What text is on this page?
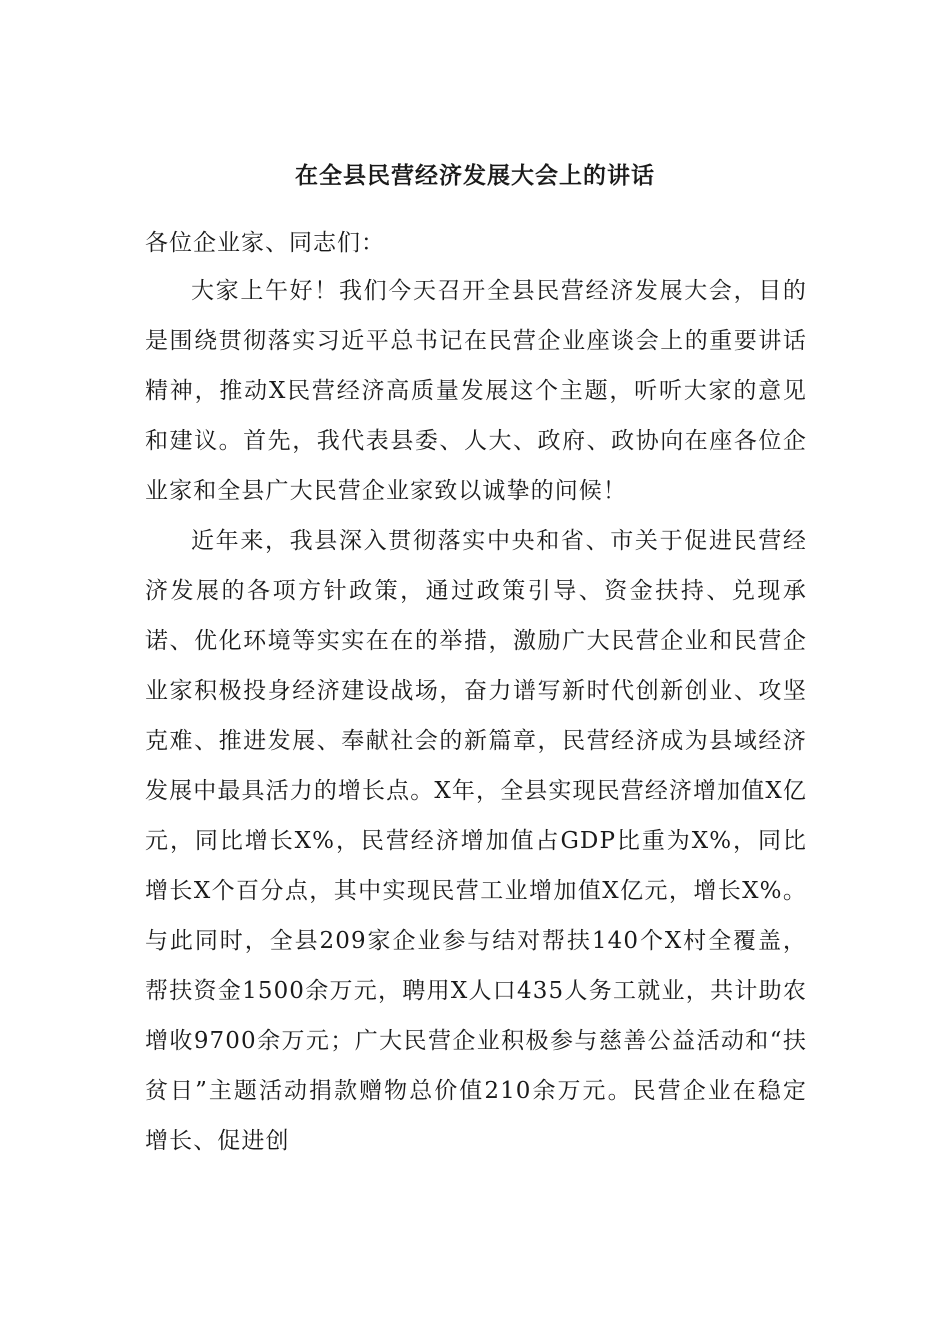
在全县民营经济发展大会上的讲话
各位企业家、同志们：

大家上午好！我们今天召开全县民营经济发展大会，目的是围绕贯彻落实习近平总书记在民营企业座谈会上的重要讲话精神，推动X民营经济高质量发展这个主题，听听大家的意见和建议。首先，我代表县委、人大、政府、政协向在座各位企业家和全县广大民营企业家致以诚挚的问候！

近年来，我县深入贯彻落实中央和省、市关于促进民营经济发展的各项方针政策，通过政策引导、资金扶持、兑现承诺、优化环境等实实在在的举措，激励广大民营企业和民营企业家积极投身经济建设战场，奋力谱写新时代创新创业、攻坚克难、推进发展、奉献社会的新篇章，民营经济成为县域经济发展中最具活力的增长点。X年，全县实现民营经济增加值X亿元，同比增长X%，民营经济增加值占GDP比重为X%，同比增长X个百分点，其中实现民营工业增加值X亿元，增长X%。与此同时，全县209家企业参与结对帮扶140个X村全覆盖，帮扶资金1500余万元，聘用X人口435人务工就业，共计助农增收9700余万元；广大民营企业积极参与慈善公益活动和“扶贫日”主题活动捐款赠物总价值210余万元。民营企业在稳定增长、促进创
